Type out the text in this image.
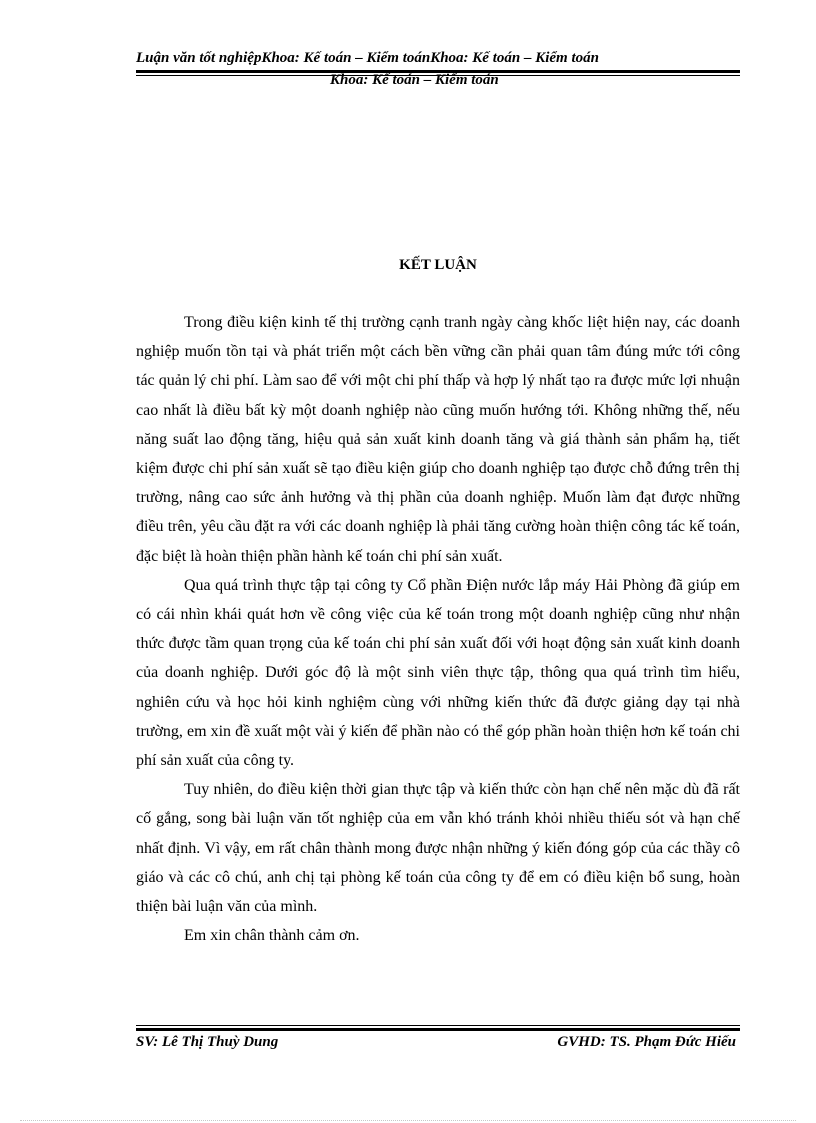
Luận văn tốt nghiệpKhoa: Kế toán – Kiểm toánKhoa: Kế toán – Kiểm toán
Khoa: Kế toán – Kiểm toán
KẾT LUẬN

Trong điều kiện kinh tế thị trường cạnh tranh ngày càng khốc liệt hiện nay, các doanh nghiệp muốn tồn tại và phát triển một cách bền vững cần phải quan tâm đúng mức tới công tác quản lý chi phí. Làm sao để với một chi phí thấp và hợp lý nhất tạo ra được mức lợi nhuận cao nhất là điều bất kỳ một doanh nghiệp nào cũng muốn hướng tới. Không những thế, nếu năng suất lao động tăng, hiệu quả sản xuất kinh doanh tăng và giá thành sản phẩm hạ, tiết kiệm được chi phí sản xuất sẽ tạo điều kiện giúp cho doanh nghiệp tạo được chỗ đứng trên thị trường, nâng cao sức ảnh hưởng và thị phần của doanh nghiệp. Muốn làm đạt được những điều trên, yêu cầu đặt ra với các doanh nghiệp là phải tăng cường hoàn thiện công tác kế toán, đặc biệt là hoàn thiện phần hành kế toán chi phí sản xuất.

Qua quá trình thực tập tại công ty Cổ phần Điện nước lắp máy Hải Phòng đã giúp em có cái nhìn khái quát hơn về công việc của kế toán trong một doanh nghiệp cũng như nhận thức được tầm quan trọng của kế toán chi phí sản xuất đối với hoạt động sản xuất kinh doanh của doanh nghiệp. Dưới góc độ là một sinh viên thực tập, thông qua quá trình tìm hiểu, nghiên cứu và học hỏi kinh nghiệm cùng với những kiến thức đã được giảng dạy tại nhà trường, em xin đề xuất một vài ý kiến để phần nào có thể góp phần hoàn thiện hơn kế toán chi phí sản xuất của công ty.

Tuy nhiên, do điều kiện thời gian thực tập và kiến thức còn hạn chế nên mặc dù đã rất cố gắng, song bài luận văn tốt nghiệp của em vẫn khó tránh khỏi nhiều thiếu sót và hạn chế nhất định. Vì vậy, em rất chân thành mong được nhận những ý kiến đóng góp của các thầy cô giáo và các cô chú, anh chị tại phòng kế toán của công ty để em có điều kiện bổ sung, hoàn thiện bài luận văn của mình.

Em xin chân thành cảm ơn.

SV: Lê Thị Thuỳ Dung	GVHD: TS. Phạm Đức Hiếu
